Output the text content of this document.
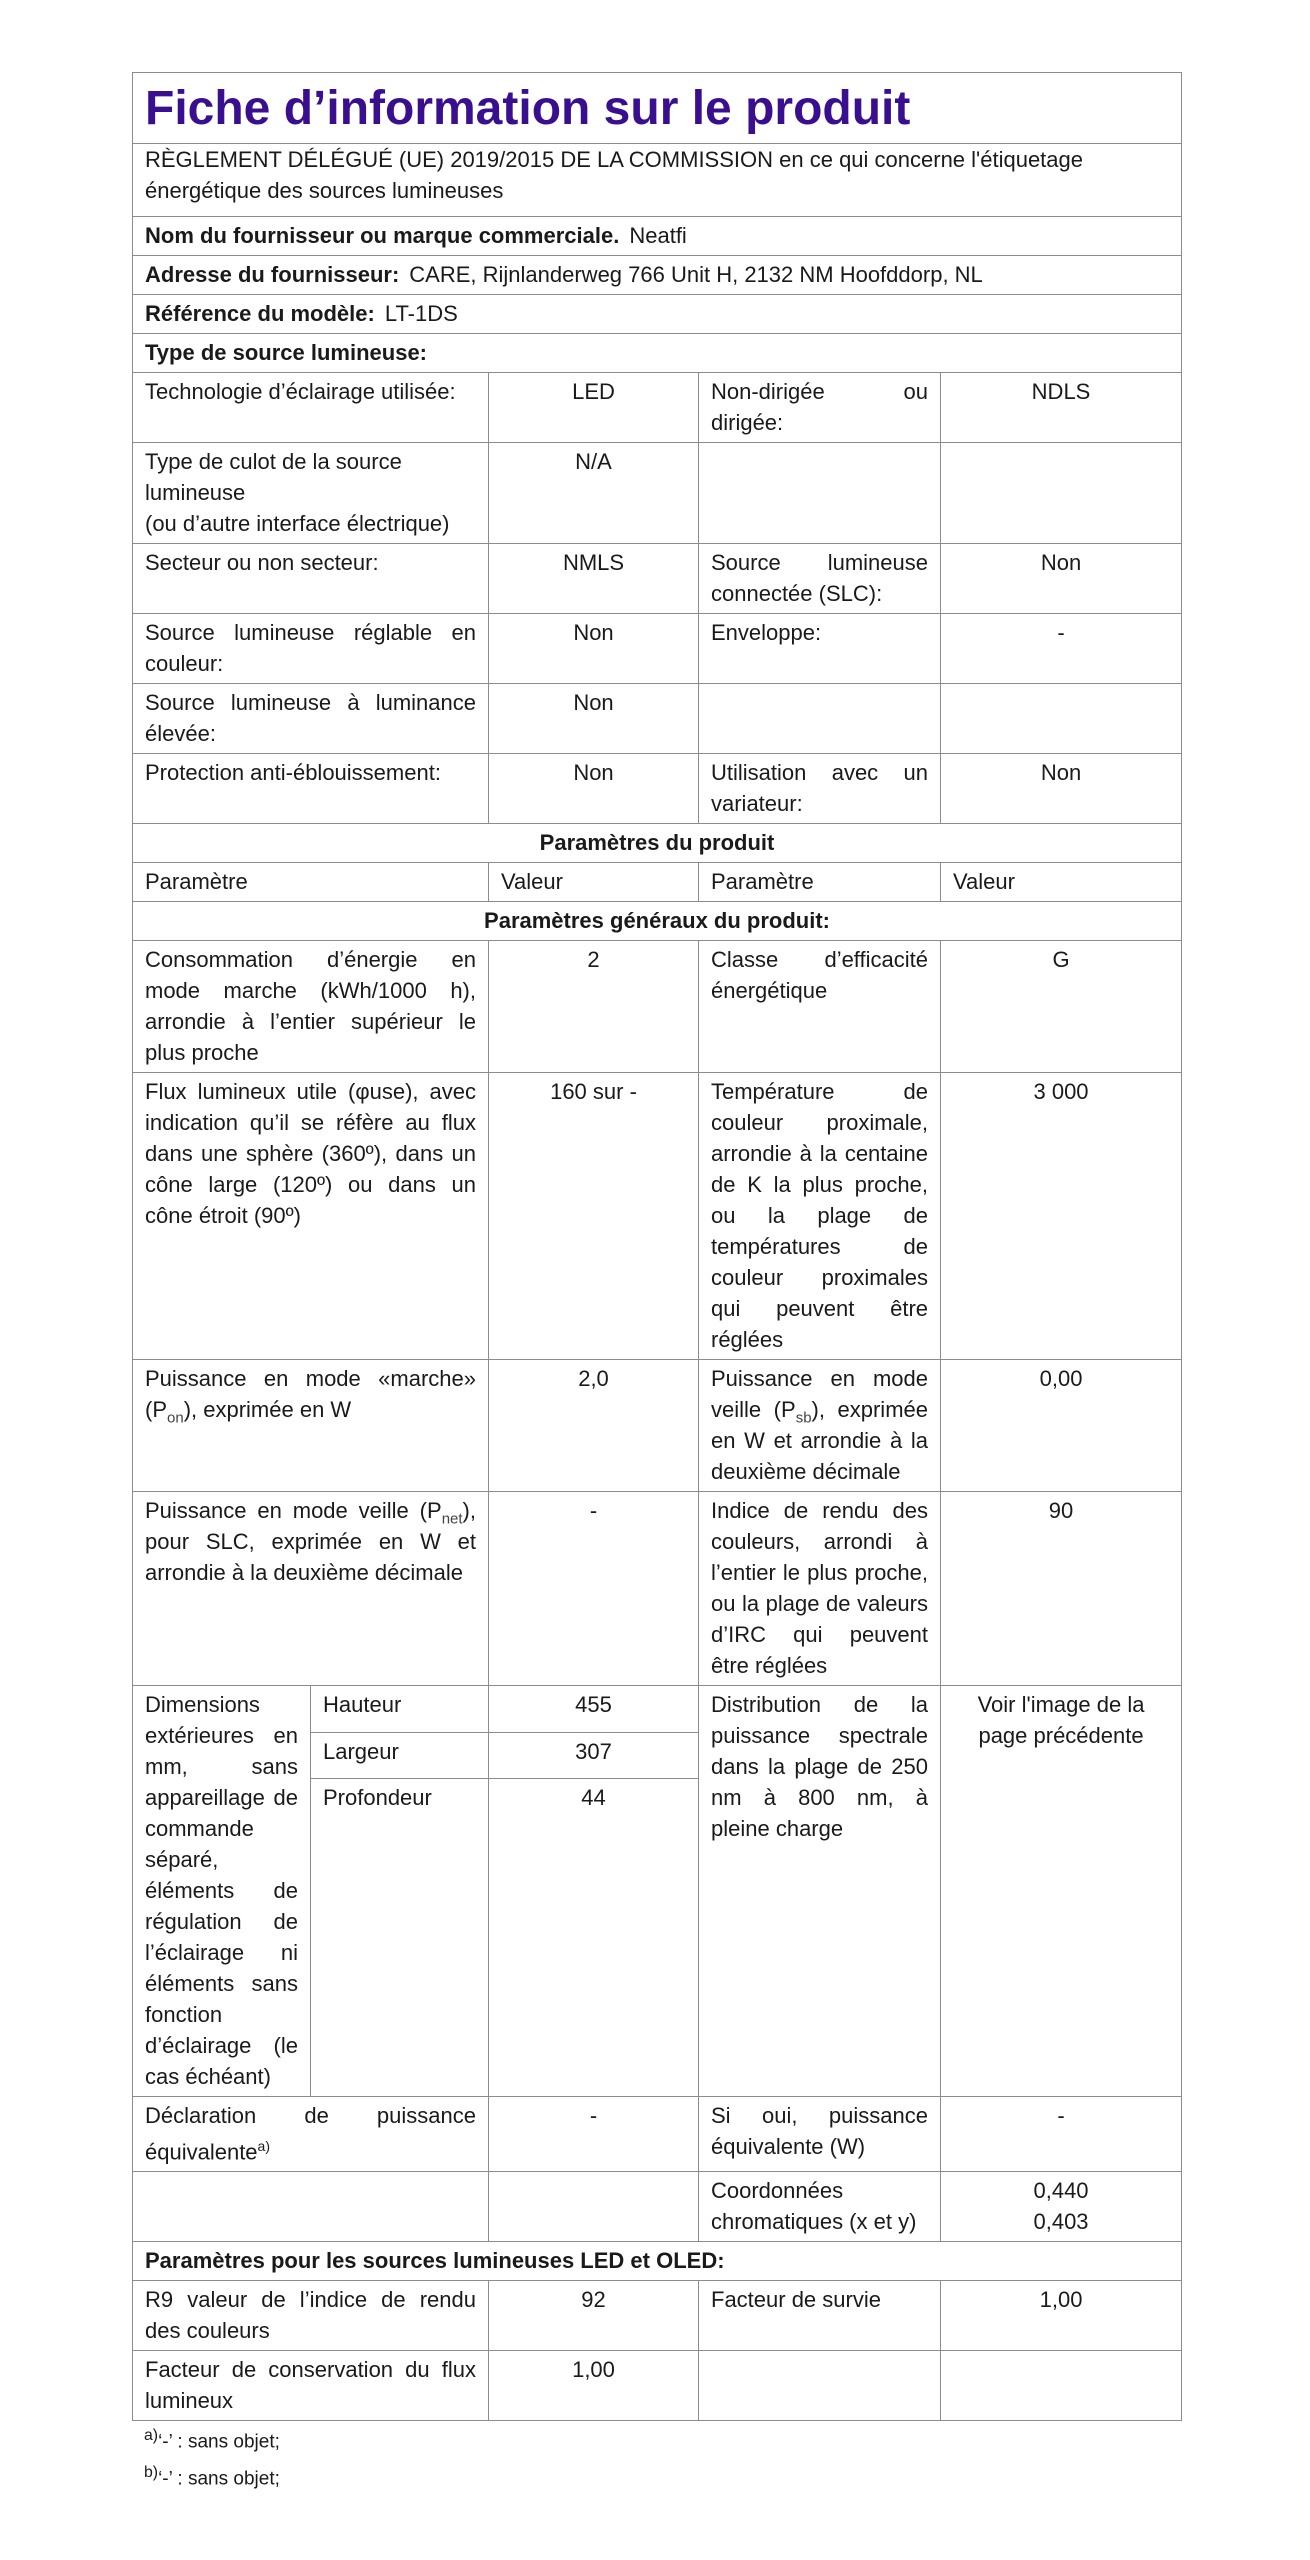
Fiche d’information sur le produit				
RÈGLEMENT DÉLÉGUÉ (UE) 2019/2015 DE LA COMMISSION en ce qui concerne l'étiquetage énergétique des sources lumineuses				
Nom du fournisseur ou marque commerciale. Neatfi				
Adresse du fournisseur: CARE, Rijnlanderweg 766 Unit H, 2132 NM Hoofddorp, NL				
Référence du modèle: LT-1DS				
Type de source lumineuse:				
Technologie d’éclairage utilisée:		LED	Non-dirigée ou dirigée:	NDLS

Type de culot de la source lumineuse
(ou d’autre interface électrique)		N/A		
Secteur ou non secteur:		NMLS	Source lumineuse connectée (SLC):	Non
Source lumineuse réglable en couleur:		Non	Enveloppe:	-
Source lumineuse à luminance élevée:		Non		
Protection anti-éblouissement:		Non	Utilisation avec un variateur:	Non
Paramètres du produit				
Paramètre		Valeur	Paramètre	Valeur
Paramètres généraux du produit:				
Consommation d’énergie en mode marche (kWh/1000 h), arrondie à l’entier supérieur le plus proche		2	Classe d’efficacité énergétique	G
Flux lumineux utile (φuse), avec indication qu’il se réfère au flux dans une sphère (360º), dans un cône large (120º) ou dans un cône étroit (90º)		160 sur -	Température de couleur proximale, arrondie à la centaine de K la plus proche, ou la plage de températures de couleur proximales qui peuvent être réglées	3 000
Puissance en mode «marche» $(P_{on})$, exprimée en W		2,0	Puissance en mode veille $(P_{sb})$, exprimée en W et arrondie à la deuxième décimale	0,00
Puissance en mode veille $(P_{net})$, pour SLC, exprimée en W et arrondie à la deuxième décimale		-	Indice de rendu des couleurs, arrondi à l’entier le plus proche, ou la plage de valeurs d’IRC qui peuvent être réglées	90
Dimensions extérieures en mm, sans appareillage de commande séparé, éléments de régulation de l’éclairage ni éléments sans fonction d’éclairage (le cas échéant)	Hauteur	455	Distribution de la puissance spectrale dans la plage de 250 nm à 800 nm, à pleine charge	Voir l'image de la page précédente
	Largeur	307		
	Profondeur	44		
Déclaration de puissance équivalente$^{a)}$		-	Si oui, puissance équivalente (W)	-
			Coordonnées chromatiques (x et y)	0,440
0,403

Paramètres pour les sources lumineuses LED et OLED:				
R9 valeur de l’indice de rendu des couleurs		92	Facteur de survie	1,00
Facteur de conservation du flux lumineux		1,00		
$^{a)}$‘-’ : sans objet;
$^{b)}$‘-’ : sans objet;
